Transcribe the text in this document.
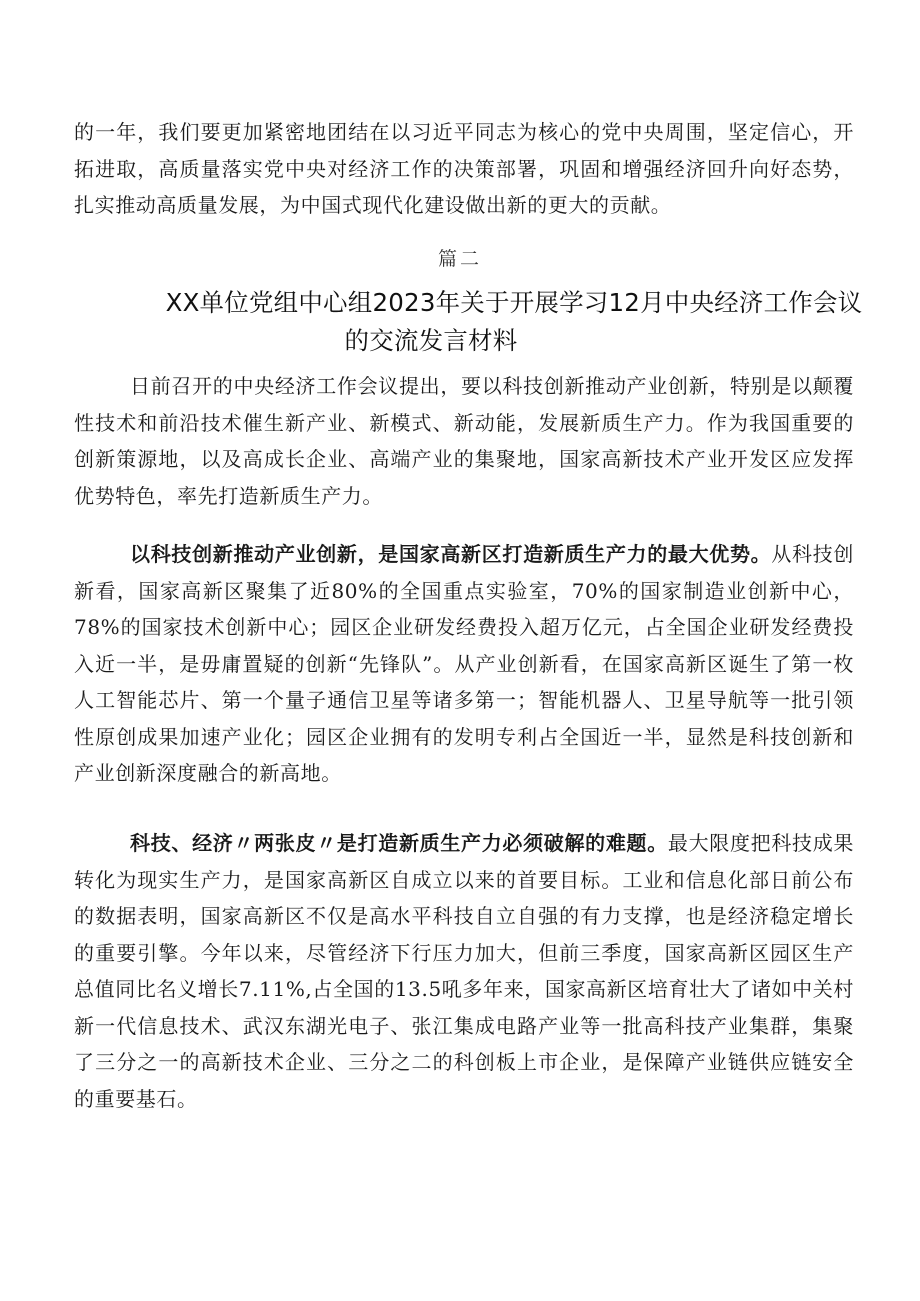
的一年，我们要更加紧密地团结在以习近平同志为核心的党中央周围，坚定信心，开拓进取，高质量落实党中央对经济工作的决策部署，巩固和增强经济回升向好态势，扎实推动高质量发展，为中国式现代化建设做出新的更大的贡献。

篇二

XX单位党组中心组2023年关于开展学习12月中央经济工作会议
的交流发言材料

日前召开的中央经济工作会议提出，要以科技创新推动产业创新，特别是以颠覆性技术和前沿技术催生新产业、新模式、新动能，发展新质生产力。作为我国重要的创新策源地，以及高成长企业、高端产业的集聚地，国家高新技术产业开发区应发挥优势特色，率先打造新质生产力。

以科技创新推动产业创新，是国家高新区打造新质生产力的最大优势。从科技创新看，国家高新区聚集了近80%的全国重点实验室，70%的国家制造业创新中心，78%的国家技术创新中心；园区企业研发经费投入超万亿元，占全国企业研发经费投入近一半，是毋庸置疑的创新“先锋队”。从产业创新看，在国家高新区诞生了第一枚人工智能芯片、第一个量子通信卫星等诸多第一；智能机器人、卫星导航等一批引领性原创成果加速产业化；园区企业拥有的发明专利占全国近一半，显然是科技创新和产业创新深度融合的新高地。

科技、经济〃两张皮〃是打造新质生产力必须破解的难题。最大限度把科技成果转化为现实生产力，是国家高新区自成立以来的首要目标。工业和信息化部日前公布的数据表明，国家高新区不仅是高水平科技自立自强的有力支撑，也是经济稳定增长的重要引擎。今年以来，尽管经济下行压力加大，但前三季度，国家高新区园区生产总值同比名义增长7.11%,占全国的13.5吼多年来，国家高新区培育壮大了诸如中关村新一代信息技术、武汉东湖光电子、张江集成电路产业等一批高科技产业集群，集聚了三分之一的高新技术企业、三分之二的科创板上市企业，是保障产业链供应链安全的重要基石。
